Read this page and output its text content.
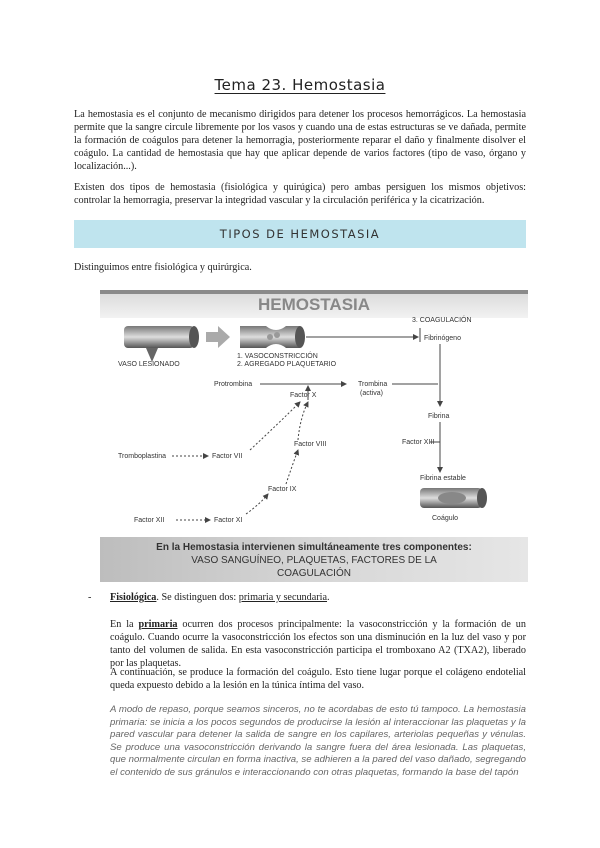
Tema 23. Hemostasia
La hemostasia es el conjunto de mecanismo dirigidos para detener los procesos hemorrágicos. La hemostasia permite que la sangre circule libremente por los vasos y cuando una de estas estructuras se ve dañada, permite la formación de coágulos para detener la hemorragia, posteriormente reparar el daño y finalmente disolver el coágulo. La cantidad de hemostasia que hay que aplicar depende de varios factores (tipo de vaso, órgano y localización...).
Existen dos tipos de hemostasia (fisiológica y quirúgica) pero ambas persiguen los mismos objetivos: controlar la hemorragia, preservar la integridad vascular y la circulación periférica y la cicatrización.
TIPOS DE HEMOSTASIA
Distinguimos entre fisiológica y quirúrgica.
HEMOSTASIA
VASO LESIONADO
1. VASOCONSTRICCIÓN
2. AGREGADO PLAQUETARIO
3. COAGULACIÓN
Fibrinógeno
Protrombina	Trombina
(activa)
Factor X
Fibrina
Factor XIII
Factor VIII
Tromboplastina	Factor VII
Fibrina estable
Factor IX
Coágulo
Factor XII	Factor XI
En la Hemostasia intervienen simultáneamente tres componentes:
VASO SANGUÍNEO, PLAQUETAS, FACTORES DE LA
COAGULACIÓN
- Fisiológica. Se distinguen dos: primaria y secundaria.
En la primaria ocurren dos procesos principalmente: la vasoconstricción y la formación de un coágulo. Cuando ocurre la vasoconstricción los efectos son una disminución en la luz del vaso y por tanto del volumen de salida. En esta vasoconstricción participa el tromboxano A2 (TXA2), liberado por las plaquetas.
A continuación, se produce la formación del coágulo. Esto tiene lugar porque el colágeno endotelial queda expuesto debido a la lesión en la túnica íntima del vaso.
A modo de repaso, porque seamos sinceros, no te acordabas de esto tú tampoco. La hemostasia primaria: se inicia a los pocos segundos de producirse la lesión al interaccionar las plaquetas y la pared vascular para detener la salida de sangre en los capilares, arteriolas pequeñas y vénulas. Se produce una vasoconstricción derivando la sangre fuera del área lesionada. Las plaquetas, que normalmente circulan en forma inactiva, se adhieren a la pared del vaso dañado, segregando el contenido de sus gránulos e interaccionando con otras plaquetas, formando la base del tapón
